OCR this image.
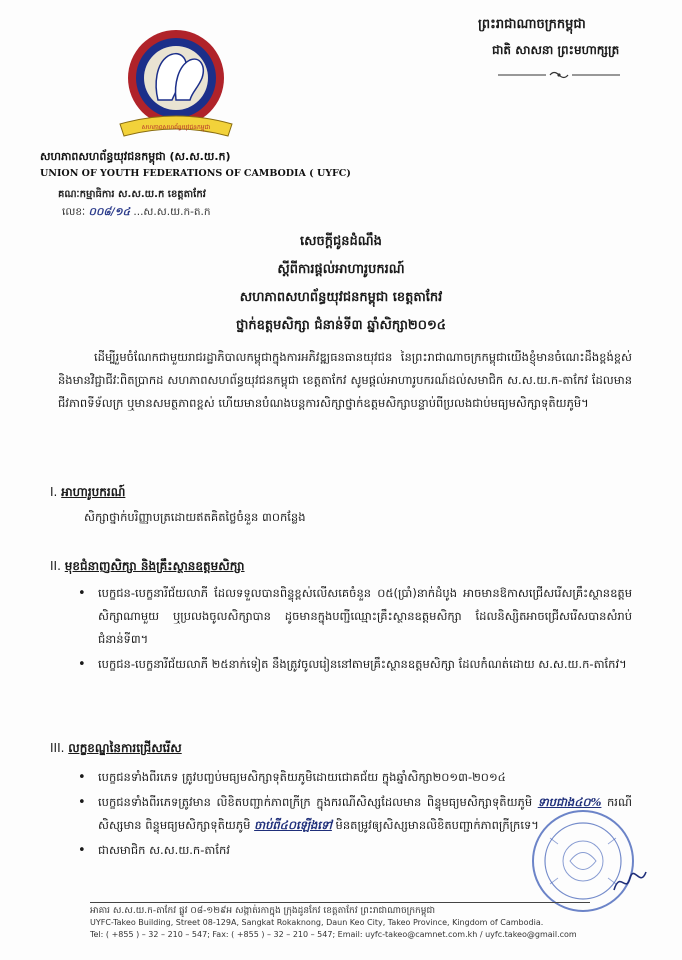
សហភាពសហព័ន្ធយុវជនកម្ពុជា
សហភាពសហព័ន្ធយុវជនកម្ពុជា (ស.ស.យ.ក)
UNION OF YOUTH FEDERATIONS OF CAMBODIA ( UYFC)
គណៈកម្មាធិការ ស.ស.យ.ក ខេត្តតាកែវ
លេខៈ ០០៨/១៤ ...ស.ស.យ.ក-ត.ក
ព្រះរាជាណាចក្រកម្ពុជា
ជាតិ សាសនា ព្រះមហាក្សត្រ
សេចក្តីជូនដំណឹង
ស្តីពីការផ្តល់អាហារូបករណ៍
សហភាពសហព័ន្ធយុវជនកម្ពុជា ខេត្តតាកែវ
ថ្នាក់ឧត្តមសិក្សា ជំនាន់ទី៣ ឆ្នាំសិក្សា២០១៤

ដើម្បីរួមចំណែកជាមួយរាជរដ្ឋាភិបាលកម្ពុជាក្នុងការអភិវឌ្ឍធនធានយុវជន នៃព្រះរាជាណាចក្រកម្ពុជាយើងខ្ញុំមានចំណេះដឹងខ្ពង់ខ្ពស់ និងមានវិជ្ជាជីវៈពិតប្រាកដ សហភាពសហព័ន្ធយុវជនកម្ពុជា ខេត្តតាកែវ សូមផ្តល់អាហារូបករណ៍ដល់សមាជិក ស.ស.យ.ក-តាកែវ ដែលមានជីវភាពទីទ័លក្រ ឬមានសមត្ថភាពខ្ពស់ ហើយមានបំណងបន្តការសិក្សាថ្នាក់ឧត្តមសិក្សាបន្ទាប់ពីប្រលងជាប់មធ្យមសិក្សាទុតិយភូមិ។

I. អាហារូបករណ៍
សិក្សាថ្នាក់បរិញ្ញាបត្រដោយឥតគិតថ្លៃចំនួន ៣០កន្លែង
II. មុខជំនាញសិក្សា និងគ្រឹះស្ថានឧត្តមសិក្សា
• បេក្ខជន-បេក្ខនារីជ័យលាភី ដែលទទួលបានពិន្ទុខ្ពស់លើសគេចំនួន ០៥(ប្រាំ)នាក់ដំបូង អាចមានឱកាសជ្រើសរើសគ្រឹះស្ថានឧត្តមសិក្សាណាមួយ ឬប្រលងចូលសិក្សាបាន ដូចមានក្នុងបញ្ជីឈ្មោះគ្រឹះស្ថានឧត្តមសិក្សា ដែលនិស្សិតអាចជ្រើសរើសបានសំរាប់ជំនាន់ទី៣។
• បេក្ខជន-បេក្ខនារីជ័យលាភី ២៥នាក់ទៀត នឹងត្រូវចូលរៀននៅតាមគ្រឹះស្ថានឧត្តមសិក្សា ដែលកំណត់ដោយ ស.ស.យ.ក-តាកែវ។
III. លក្ខខណ្ឌនៃការជ្រើសរើស
• បេក្ខជនទាំងពីរភេទ ត្រូវបញ្ចប់មធ្យមសិក្សាទុតិយភូមិដោយជោគជ័យ ក្នុងឆ្នាំសិក្សា២០១៣-២០១៤
• បេក្ខជនទាំងពីរភេទត្រូវមាន លិខិតបញ្ជាក់ភាពក្រីក្រ ក្នុងករណីសិស្សដែលមាន ពិន្ទុមធ្យមសិក្សាទុតិយភូមិ ទាបជាង៤០% ករណីសិស្សមាន ពិន្ទុមធ្យមសិក្សាទុតិយភូមិ ចាប់ពី៤០ឡើងទៅ មិនតម្រូវឲ្យសិស្សមានលិខិតបញ្ជាក់ភាពក្រីក្រទេ។
• ជាសមាជិក ស.ស.យ.ក-តាកែវ
អាគារ ស.ស.យ.ក-តាកែវ ផ្លូវ ០៨-១២៩អ សង្កាត់រកាក្នុង ក្រុងដូនកែវ ខេត្តតាកែវ ព្រះរាជាណាចក្រកម្ពុជា
UYFC-Takeo Building, Street 08-129A, Sangkat Rokaknong, Daun Keo City, Takeo Province, Kingdom of Cambodia.
Tel: ( +855 ) – 32 – 210 – 547; Fax: ( +855 ) – 32 – 210 – 547; Email: uyfc-takeo@camnet.com.kh / uyfc.takeo@gmail.com
